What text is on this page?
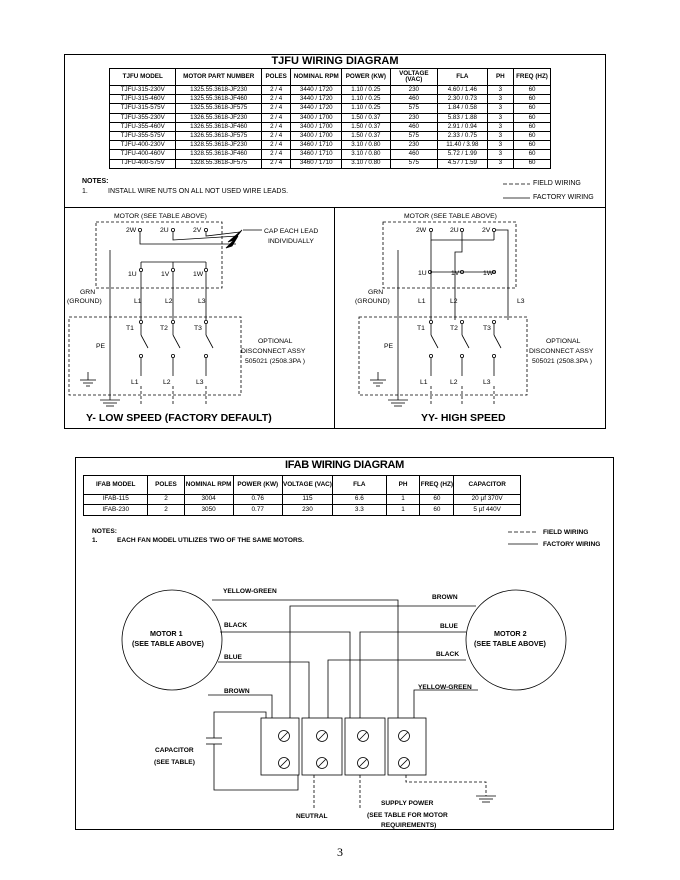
TJFU WIRING DIAGRAM
TJFU MODEL	MOTOR PART NUMBER	POLES	NOMINAL RPM	POWER (KW)	VOLTAGE (VAC)	FLA	PH	FREQ (HZ)
TJFU-315-230V	1325.55.3618-JF230	2 / 4	3440 / 1720	1.10 / 0.25	230	4.60 / 1.46	3	60
TJFU-315-460V	1325.55.3618-JF460	2 / 4	3440 / 1720	1.10 / 0.25	460	2.30 / 0.73	3	60
TJFU-315-575V	1325.55.3618-JF575	2 / 4	3440 / 1720	1.10 / 0.25	575	1.84 / 0.58	3	60
TJFU-355-230V	1326.55.3618-JF230	2 / 4	3400 / 1700	1.50 / 0.37	230	5.83 / 1.88	3	60
TJFU-355-460V	1326.55.3618-JF460	2 / 4	3400 / 1700	1.50 / 0.37	460	2.91 / 0.94	3	60
TJFU-355-575V	1326.55.3618-JF575	2 / 4	3400 / 1700	1.50 / 0.37	575	2.33 / 0.75	3	60
TJFU-400-230V	1328.55.3618-JF230	2 / 4	3460 / 1710	3.10 / 0.80	230	11.40 / 3.98	3	60
TJFU-400-460V	1328.55.3618-JF460	2 / 4	3460 / 1710	3.10 / 0.80	460	5.72 / 1.99	3	60
TJFU-400-575V	1328.55.3618-JF575	2 / 4	3460 / 1710	3.10 / 0.80	575	4.57 / 1.59	3	60
NOTES:
1.	INSTALL WIRE NUTS ON ALL NOT USED WIRE LEADS.
FIELD WIRING
FACTORY WIRING
MOTOR (SEE TABLE ABOVE)
2W	2U	2V	CAP EACH LEAD
INDIVIDUALLY
1U	1V	1W
L1	L2	L3
T1	T2	T3
GRN
(GROUND)
PE
L1	L2	L3
OPTIONAL
DISCONNECT ASSY
505021 (2508.3PA )
MOTOR (SEE TABLE ABOVE)
2W	2U	2V
1U	1V	1W
L1	L2	L3
T1	T2	T3
GRN
(GROUND)
PE
L1	L2	L3
OPTIONAL
DISCONNECT ASSY
505021 (2508.3PA )
Y- LOW SPEED (FACTORY DEFAULT)	YY- HIGH SPEED
IFAB WIRING DIAGRAM
IFAB MODEL	POLES	NOMINAL RPM	POWER (KW)	VOLTAGE (VAC)	FLA	PH	FREQ (HZ)	CAPACITOR
IFAB-115	2	3004	0.76	115	6.6	1	60	20 µf 370V
IFAB-230	2	3050	0.77	230	3.3	1	60	5 µf 440V
NOTES:
1.	EACH FAN MODEL UTILIZES TWO OF THE SAME MOTORS.
FIELD WIRING
FACTORY WIRING
MOTOR 1
(SEE TABLE ABOVE)
MOTOR 2
(SEE TABLE ABOVE)
YELLOW-GREEN
BLACK
BLUE
BROWN
BROWN
BLUE
BLACK
YELLOW-GREEN
CAPACITOR
(SEE TABLE)
NEUTRAL
SUPPLY POWER
(SEE TABLE FOR MOTOR
REQUIREMENTS)
3
